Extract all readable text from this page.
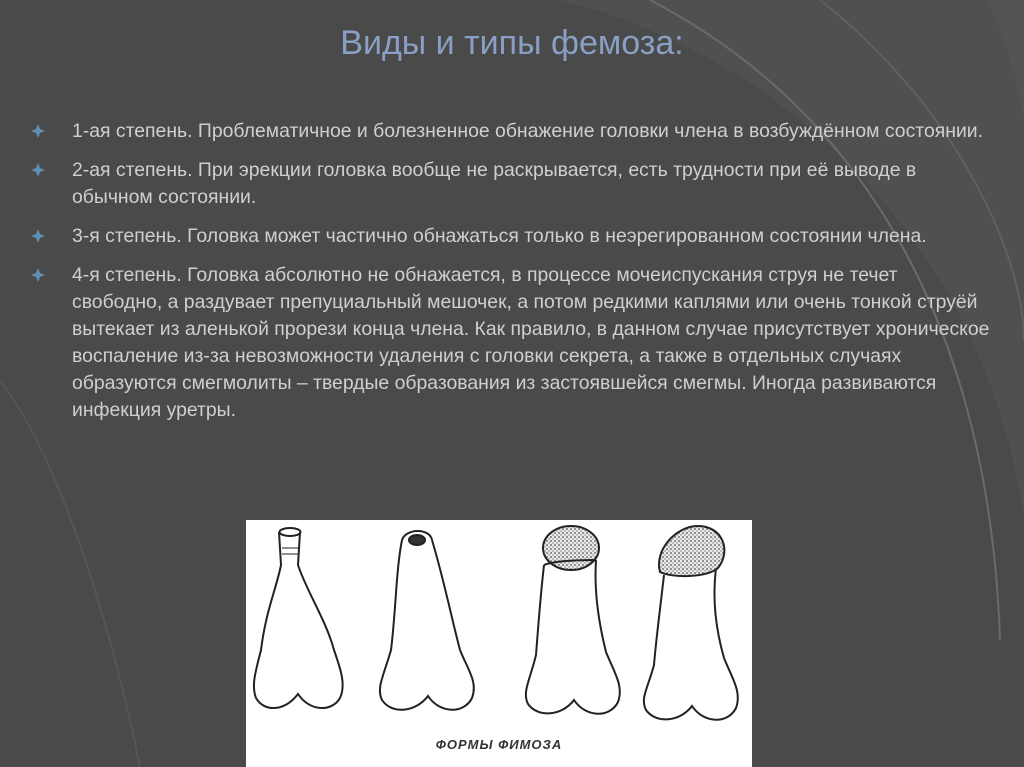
Виды и типы фемоза:
1-ая степень. Проблематичное и болезненное обнажение головки члена в возбуждённом состоянии.
2-ая степень. При эрекции головка вообще не раскрывается, есть трудности при её выводе в обычном состоянии.
3-я степень. Головка может частично обнажаться только в неэрегированном состоянии члена.
4-я степень. Головка абсолютно не обнажается, в процессе мочеиспускания струя не течет свободно, а раздувает препуциальный мешочек, а потом редкими каплями или очень тонкой струёй вытекает из аленькой прорези конца члена. Как правило, в данном случае присутствует хроническое воспаление из-за невозможности удаления с головки секрета, а также в отдельных случаях образуются смегмолиты – твердые образования из застоявшейся смегмы. Иногда развиваются инфекция уретры.
ФОРМЫ ФИМОЗА
